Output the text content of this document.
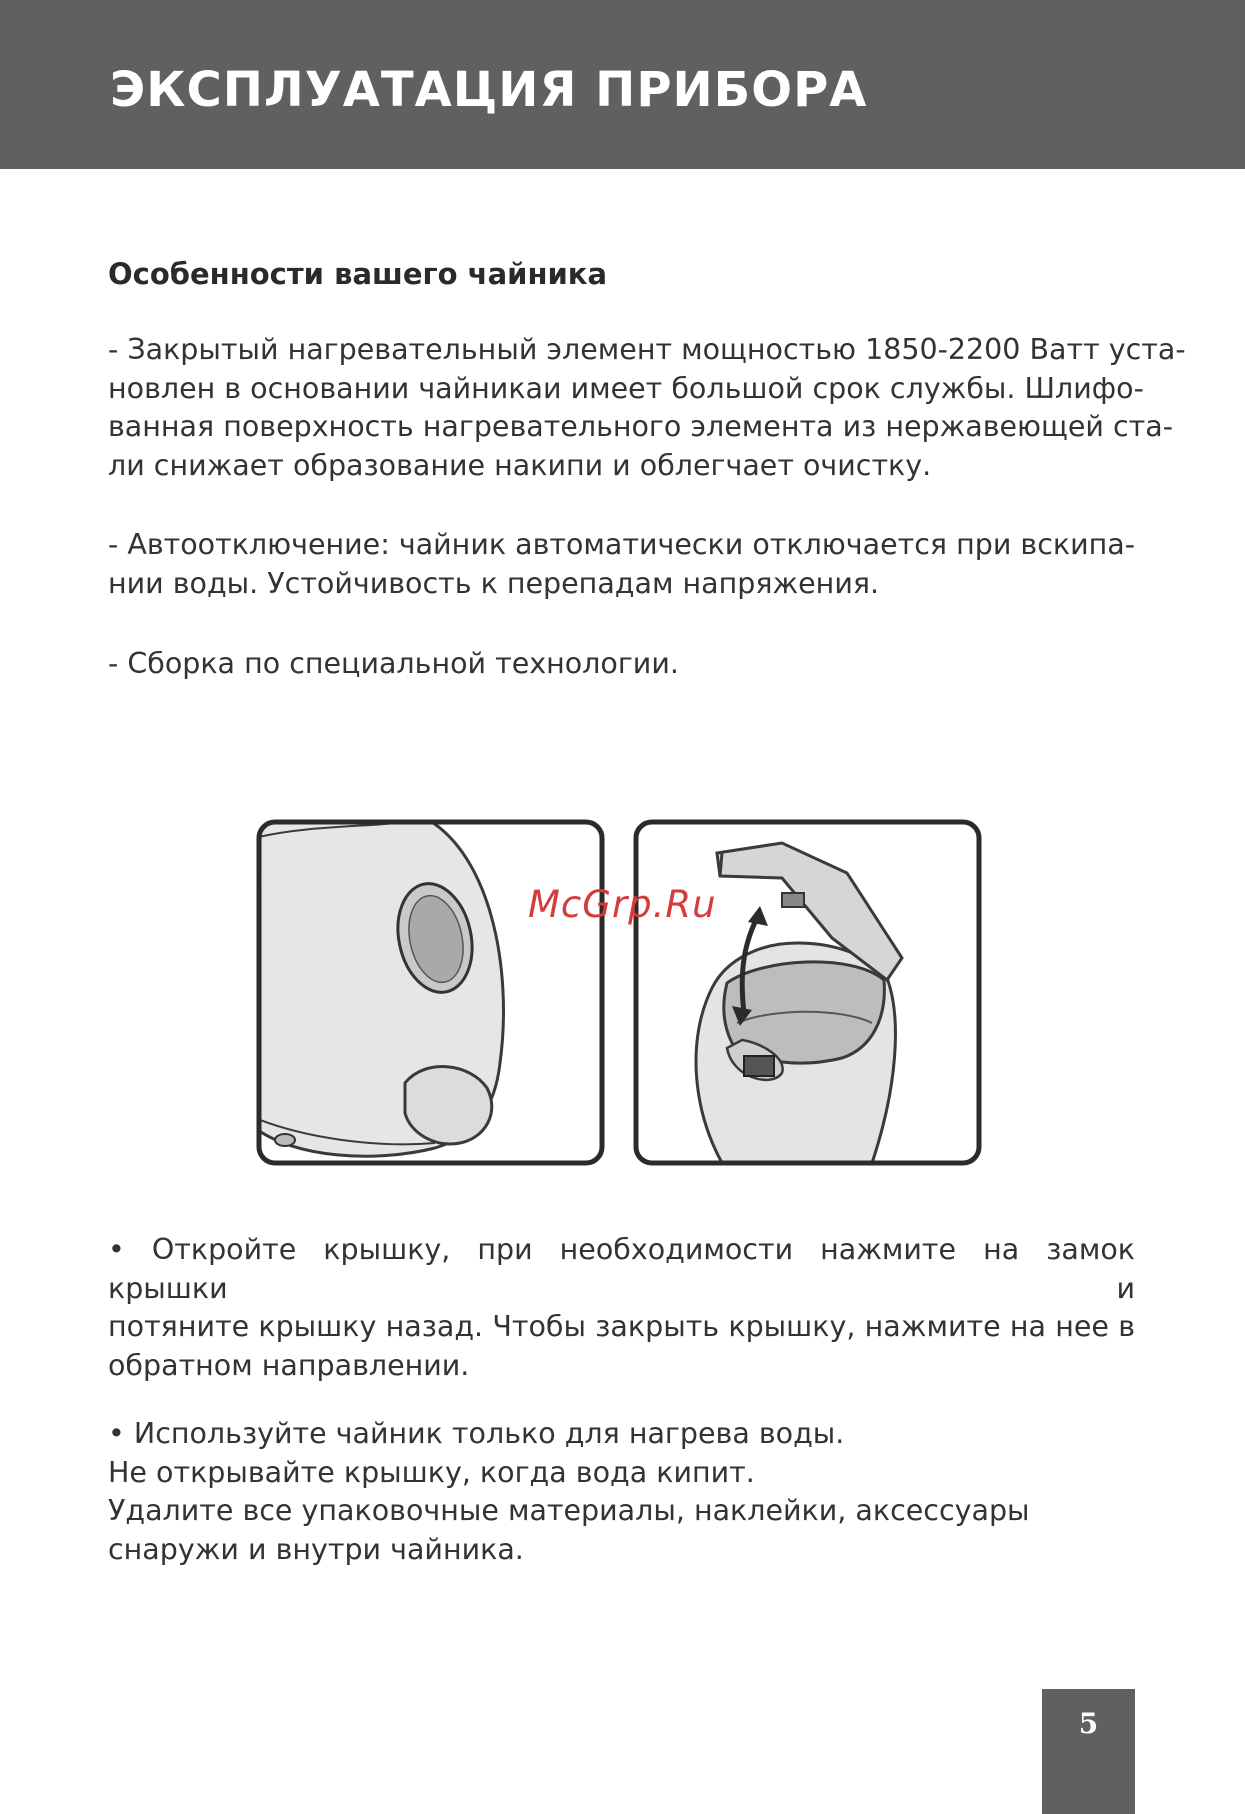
ЭКСПЛУАТАЦИЯ ПРИБОРА
Особенности вашего чайника
- Закрытый нагревательный элемент мощностью 1850-2200 Ватт уста-
новлен в основании чайникаи имеет большой срок службы. Шлифо-
ванная поверхность нагревательного элемента из нержавеющей ста-
ли снижает образование накипи и облегчает очистку.
- Автоотключение: чайник автоматически отключается при вскипа-
нии воды. Устойчивость к перепадам напряжения.
- Сборка по специальной технологии.
McGrp.Ru
• Откройте крышку, при необходимости нажмите на замок крышки и
потяните крышку назад. Чтобы закрыть крышку, нажмите на нее в
обратном направлении.
• Используйте чайник только для нагрева воды.
Не открывайте крышку, когда вода кипит.
Удалите все упаковочные материалы, наклейки, аксессуары
снаружи и внутри чайника.
5
